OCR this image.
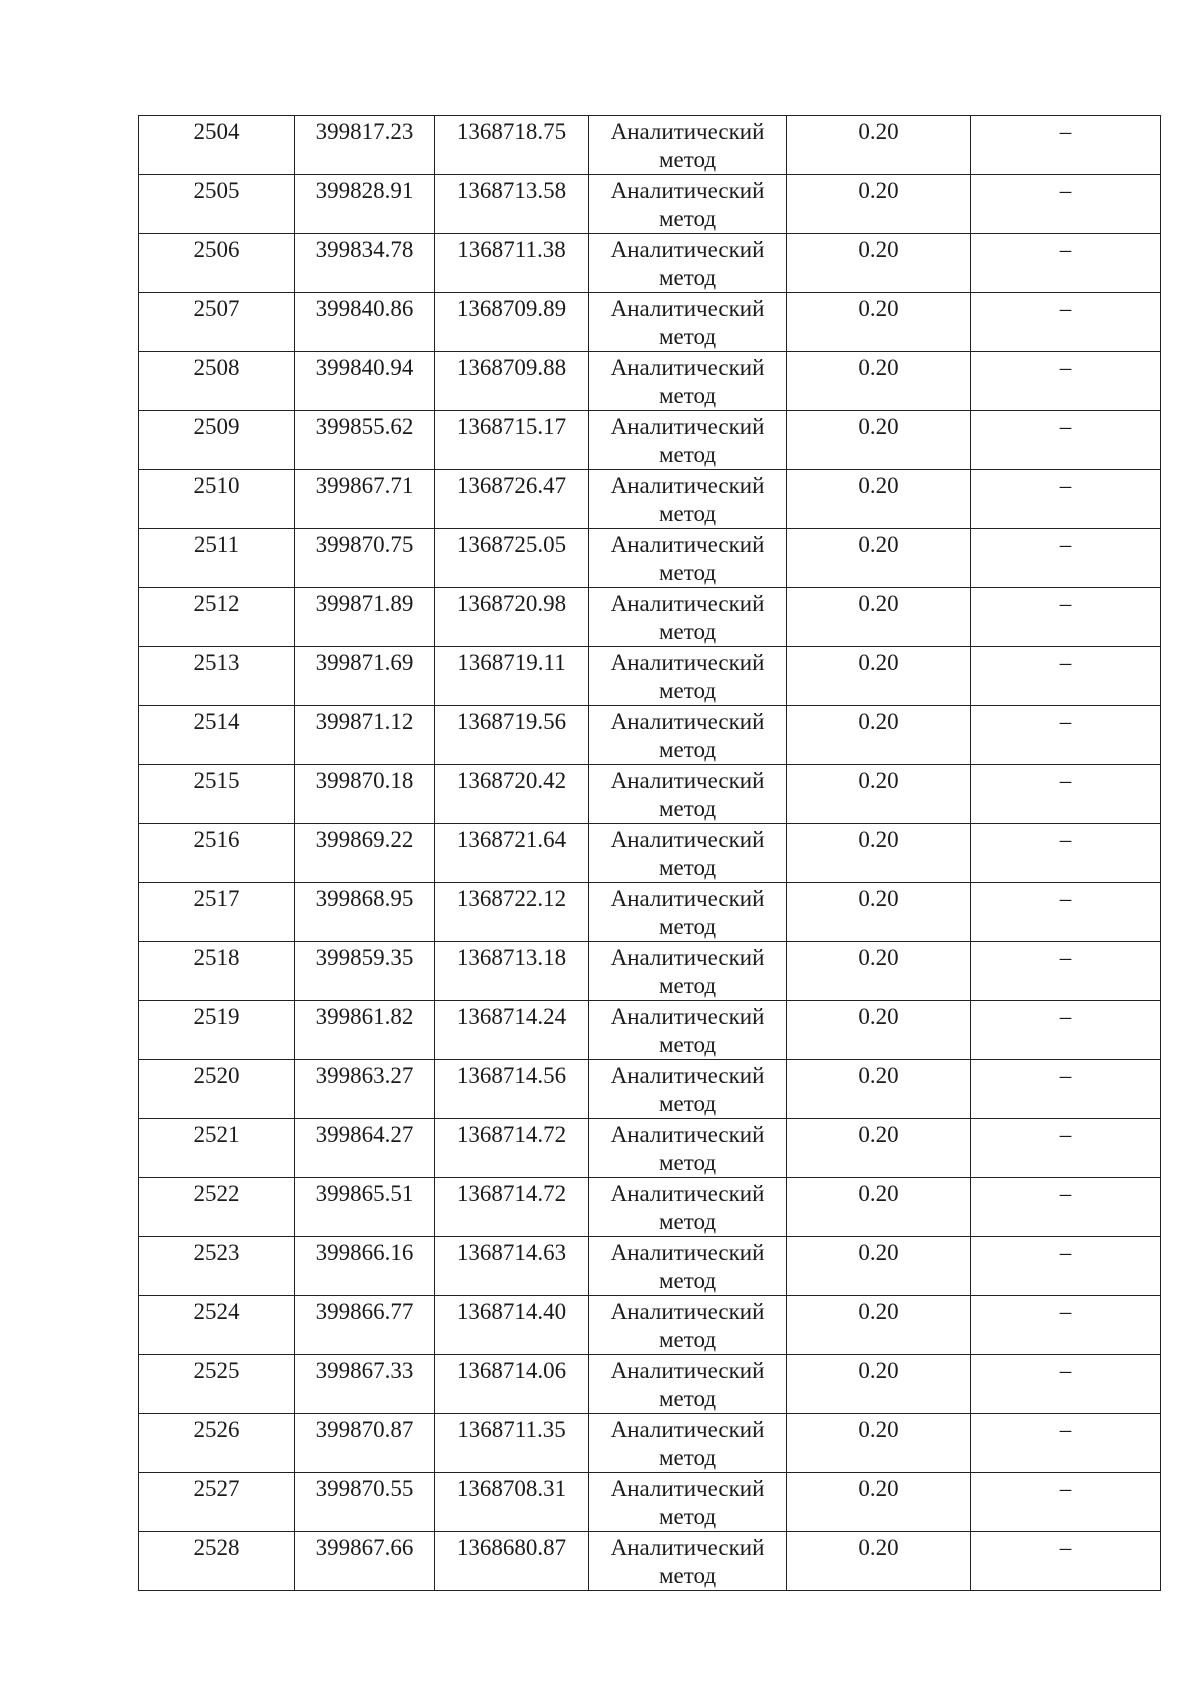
2504	399817.23	1368718.75	Аналитический метод	0.20	–
2505	399828.91	1368713.58	Аналитический метод	0.20	–
2506	399834.78	1368711.38	Аналитический метод	0.20	–
2507	399840.86	1368709.89	Аналитический метод	0.20	–
2508	399840.94	1368709.88	Аналитический метод	0.20	–
2509	399855.62	1368715.17	Аналитический метод	0.20	–
2510	399867.71	1368726.47	Аналитический метод	0.20	–
2511	399870.75	1368725.05	Аналитический метод	0.20	–
2512	399871.89	1368720.98	Аналитический метод	0.20	–
2513	399871.69	1368719.11	Аналитический метод	0.20	–
2514	399871.12	1368719.56	Аналитический метод	0.20	–
2515	399870.18	1368720.42	Аналитический метод	0.20	–
2516	399869.22	1368721.64	Аналитический метод	0.20	–
2517	399868.95	1368722.12	Аналитический метод	0.20	–
2518	399859.35	1368713.18	Аналитический метод	0.20	–
2519	399861.82	1368714.24	Аналитический метод	0.20	–
2520	399863.27	1368714.56	Аналитический метод	0.20	–
2521	399864.27	1368714.72	Аналитический метод	0.20	–
2522	399865.51	1368714.72	Аналитический метод	0.20	–
2523	399866.16	1368714.63	Аналитический метод	0.20	–
2524	399866.77	1368714.40	Аналитический метод	0.20	–
2525	399867.33	1368714.06	Аналитический метод	0.20	–
2526	399870.87	1368711.35	Аналитический метод	0.20	–
2527	399870.55	1368708.31	Аналитический метод	0.20	–
2528	399867.66	1368680.87	Аналитический метод	0.20	–
